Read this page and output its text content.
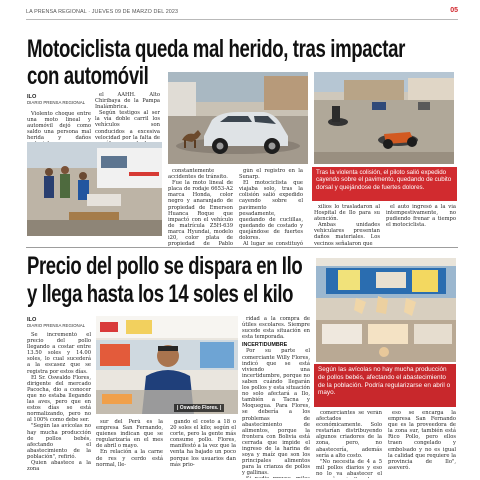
LA PRENSA REGIONAL · JUEVES 09 DE MARZO DEL 2023	05
Motociclista queda mal herido, tras impactar
con automóvil
ILO
DIARIO PRENSA REGIONAL

Violento choque entre una moto lineal y automóvil dejó como saldo una persona mal herida y daños

el AAHH. Alto Chiribaya de la Pampa Inalámbrica.

Según testigos al ser la vía doble carril los vehículos son conducidos a excesiva velocidad por la falta de

constantemente accidentes de tránsito.

Fue la moto lineal de placa de rodaje 6653-A2 marca Honda, color negro y anaranjado de propiedad de Emerson Huanca Roque que impactó con el vehículo de matrícula Z5H-639 marca Hyundai, modelo i20, color plata de propiedad de Pablo

gún el registro en la Sunarp.

El motociclista que viajaba solo, tras la colisión salió expedido cayendo sobre el pavimento pesadamente, quedando de cuclillas, quedando de costado y quejándose de fuertes dolores.

Al lugar se constituyó

Tras la violenta colisión, el piloto salió expedido cayendo sobre el pavimento, quedando de cubito dorsal y quejándose de fuertes dolores.

xilios lo trasladaron al Hospital de Ilo para su atención.

Ambas unidades vehiculares presentan daños materiales. Los vecinos señalaron que

el auto ingresó a la vía intempestivamente, no pudiendo frenar a tiempo el motociclista.

Precio del pollo se dispara en Ilo
y llega hasta los 14 soles el kilo
ILO
DIARIO PRENSA REGIONAL

Se incrementó el precio del pollo llegando a costar entre 13.50 soles y 14.00 soles, lo cual sucederá a la escasez que se registra por estos días.

El Sr. Oswaldo Flores, dirigente del mercado Pacocha, dio a conocer que no estaba llegando las aves, pero que en estos días se está normalizando, pero no al 100% como debe ser.

"Según las avícolas no hay mucha producción de pollos bebés, afectando el abastecimiento de la población", refirió.

Quien abastece a la zona

| Oswaldo Flores. |

sur del Perú es la empresa San Fernando, quienes indican que se regularizaría en el mes de abril o mayo.

En relación a la carne de res y cerdo está normal, lle-

gando el costo a 18 o 20 soles el kilo; según el corte, pero la gente más consume pollo. Flores, manifestó a la vez que la venta ha bajado un poco porque los usuarios dan más prio-

ridad a la compra de útiles escolares. Siempre sucede esta situación en esta temporada.

INCERTIDUMBRE

Por su parte el comerciante Willy Flores, indicó que se está viviendo una incertidumbre, porque no saben cuándo llegarán los pollos y esta situación no solo afectará a Ilo, también a Tacna y Moquegua. Para Flores, se debería a los problemas de abastecimiento de alimentos, porque la frontera con Bolivia está cerrada que impide el ingreso de la harina de soya y maíz que son los principales alimentos para la crianza de pollos y gallinas.

Según las avícolas no hay mucha producción de pollos bebés, afectando el abastecimiento de la población. Podría regularizarse en abril o mayo.

comerciantes se verán afectados económicamente. Solo restarían distribuyendo algunos criadores de la zona, pero, no abastecería, además sería a alto costo.

"No necesita de 4 a 5 mil pollos diarios y eso no lo va abastecer el

eso se encarga la empresa San Fernando que es la proveedora de la zona sur, también está Rico Pollo, pero ellos traen congelado y embolsado y no es igual la calidad que requiere la provincia de Ilo", aseveró.
